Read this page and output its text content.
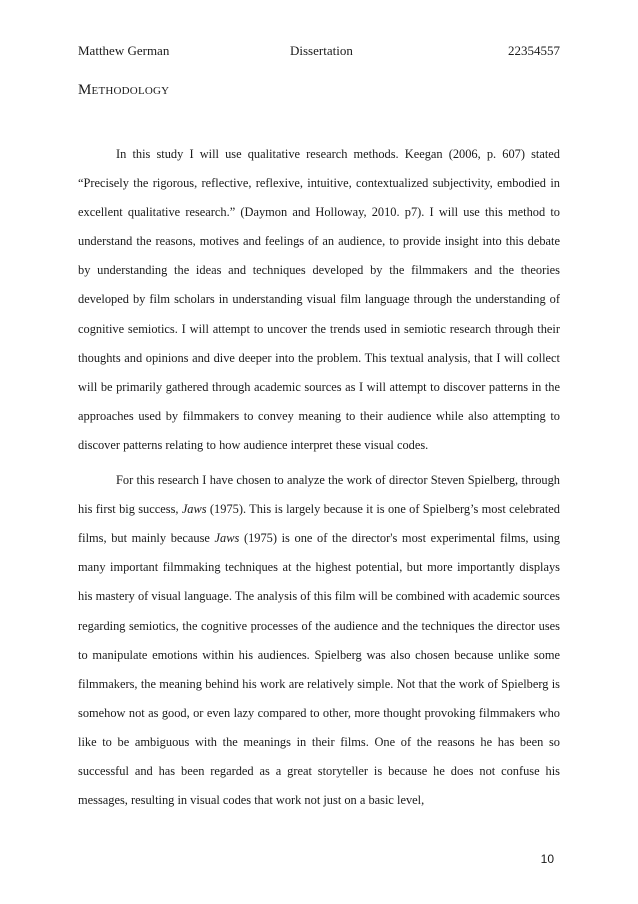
Matthew German	Dissertation	22354557
Methodology

In this study I will use qualitative research methods. Keegan (2006, p. 607) stated “Precisely the rigorous, reflective, reflexive, intuitive, contextualized subjectivity, embodied in excellent qualitative research.” (Daymon and Holloway, 2010. p7). I will use this method to understand the reasons, motives and feelings of an audience, to provide insight into this debate by understanding the ideas and techniques developed by the filmmakers and the theories developed by film scholars in understanding visual film language through the understanding of cognitive semiotics. I will attempt to uncover the trends used in semiotic research through their thoughts and opinions and dive deeper into the problem. This textual analysis, that I will collect will be primarily gathered through academic sources as I will attempt to discover patterns in the approaches used by filmmakers to convey meaning to their audience while also attempting to discover patterns relating to how audience interpret these visual codes.

For this research I have chosen to analyze the work of director Steven Spielberg, through his first big success, Jaws (1975). This is largely because it is one of Spielberg’s most celebrated films, but mainly because Jaws (1975) is one of the director's most experimental films, using many important filmmaking techniques at the highest potential, but more importantly displays his mastery of visual language. The analysis of this film will be combined with academic sources regarding semiotics, the cognitive processes of the audience and the techniques the director uses to manipulate emotions within his audiences. Spielberg was also chosen because unlike some filmmakers, the meaning behind his work are relatively simple. Not that the work of Spielberg is somehow not as good, or even lazy compared to other, more thought provoking filmmakers who like to be ambiguous with the meanings in their films. One of the reasons he has been so successful and has been regarded as a great storyteller is because he does not confuse his messages, resulting in visual codes that work not just on a basic level,

10
